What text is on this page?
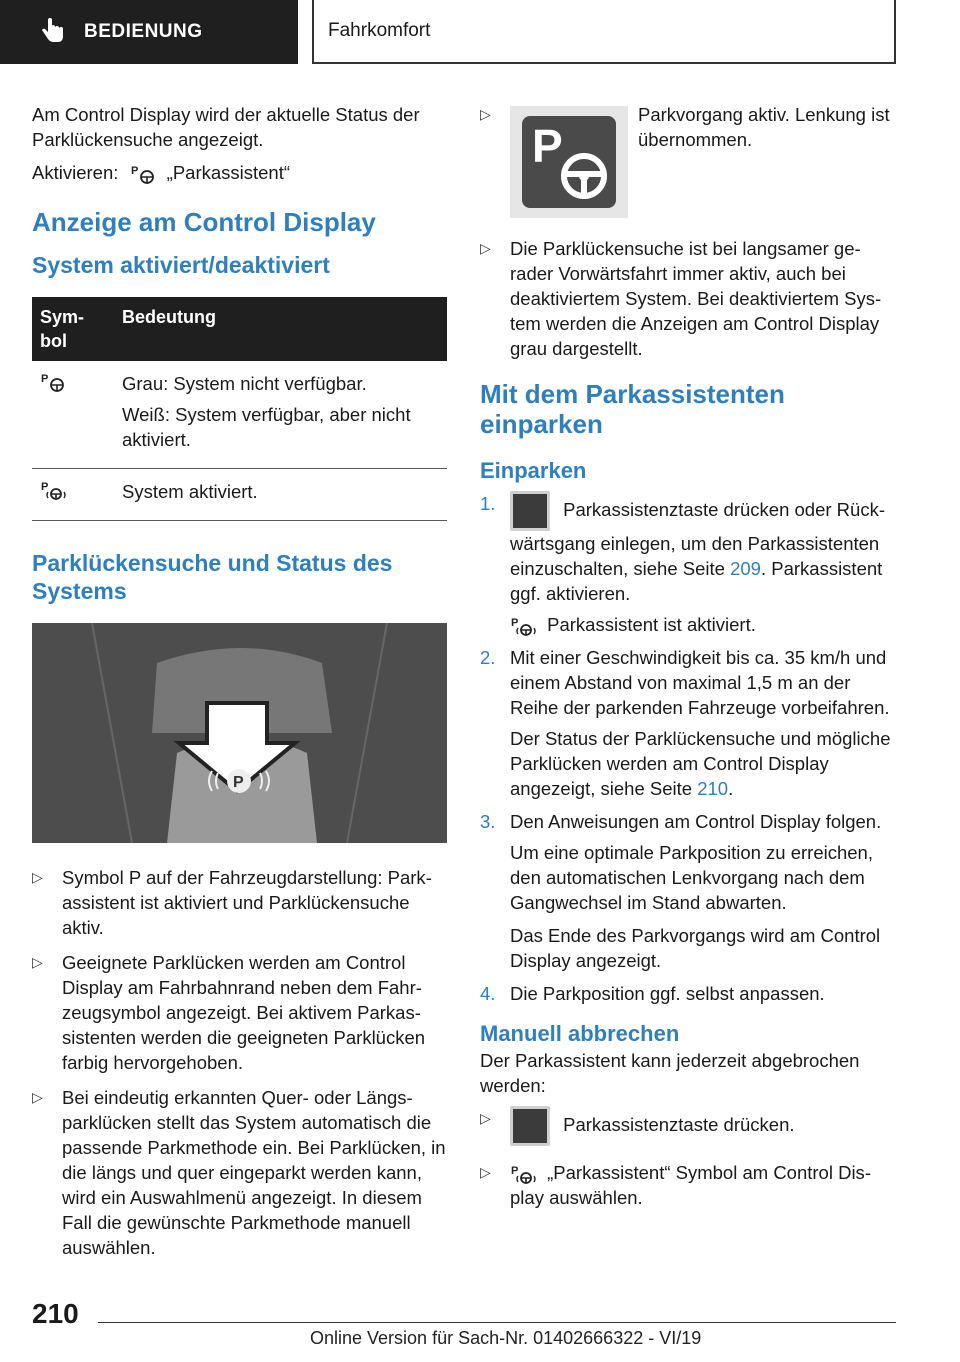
BEDIENUNG	Fahrkomfort

Am Control Display wird der aktuelle Status der Parklückensuche angezeigt.

Aktivieren: P „Parkassistent“

Anzeige am Control Display
System aktiviert/deaktiviert
Sym-bol	Bedeutung

P	Grau: System nicht verfügbar.

Weiß: System verfügbar, aber nicht aktiviert.

P	System aktiviert.

Parklückensuche und Status des Systems
P
▷ Symbol P auf der Fahrzeugdarstellung: Parkassistent ist aktiviert und Parklückensuche aktiv.
▷ Geeignete Parklücken werden am Control Display am Fahrbahnrand neben dem Fahrzeugsymbol angezeigt. Bei aktivem Parkassistenten werden die geeigneten Parklücken farbig hervorgehoben.
▷ Bei eindeutig erkannten Quer- oder Längsparklücken stellt das System automatisch die passende Parkmethode ein. Bei Parklücken, in die längs und quer eingeparkt werden kann, wird ein Auswahlmenü angezeigt. In diesem Fall die gewünschte Parkmethode manuell auswählen.
▷ P
Parkvorgang aktiv. Lenkung ist übernommen.
▷ Die Parklückensuche ist bei langsamer gerader Vorwärtsfahrt immer aktiv, auch bei deaktiviertem System. Bei deaktiviertem System werden die Anzeigen am Control Display grau dargestellt.
Mit dem Parkassistenten einparken
Einparken
1.	Parkassistenztaste drücken oder Rückwärtsgang einlegen, um den Parkassistenten einzuschalten, siehe Seite 209. Parkassistent ggf. aktivieren.

P Parkassistent ist aktiviert.

2. Mit einer Geschwindigkeit bis ca. 35 km/h und einem Abstand von maximal 1,5 m an der Reihe der parkenden Fahrzeuge vorbeifahren.

Der Status der Parklückensuche und mögliche Parklücken werden am Control Display angezeigt, siehe Seite 210.

3. Den Anweisungen am Control Display folgen.

Um eine optimale Parkposition zu erreichen, den automatischen Lenkvorgang nach dem Gangwechsel im Stand abwarten.

Das Ende des Parkvorgangs wird am Control Display angezeigt.

4. Die Parkposition ggf. selbst anpassen.
Manuell abbrechen

Der Parkassistent kann jederzeit abgebrochen werden:

▷ Parkassistenztaste drücken.
▷ P „Parkassistent“ Symbol am Control Display auswählen.
210
Online Version für Sach-Nr. 01402666322 - VI/19
